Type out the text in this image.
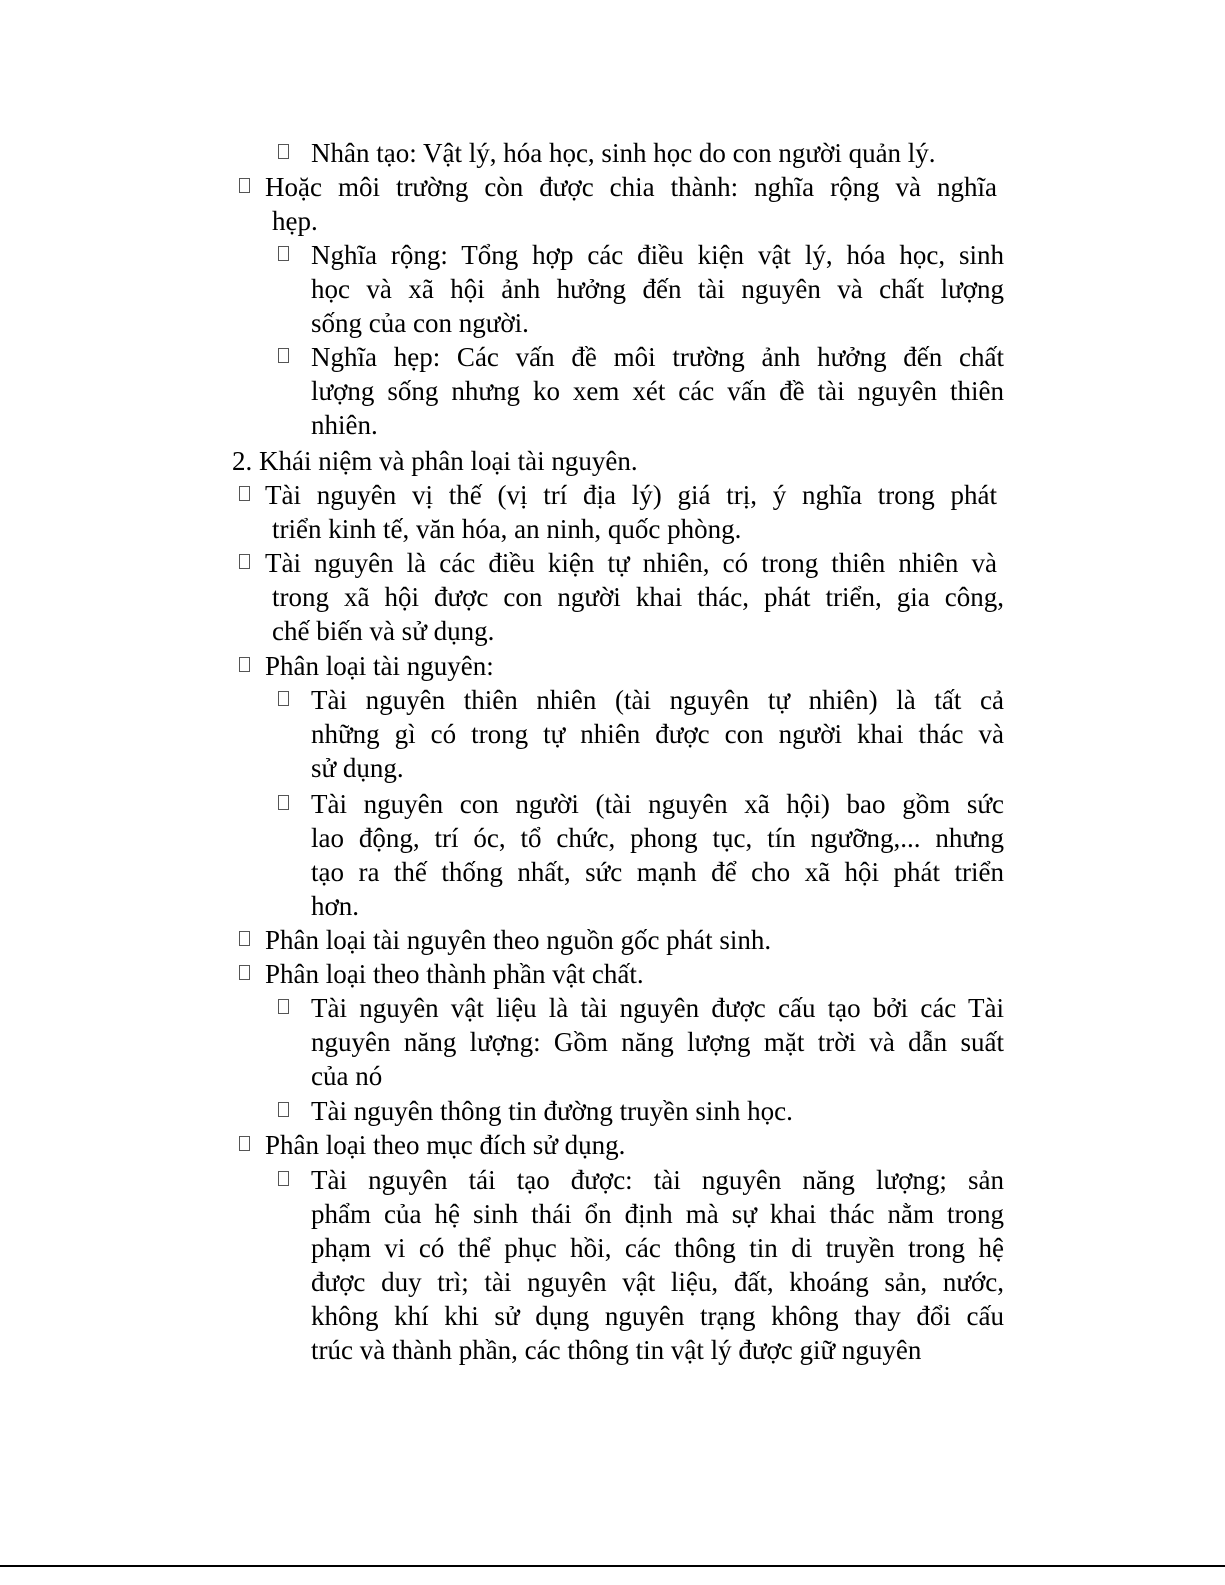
Nhân tạo: Vật lý, hóa học, sinh học do con người quản lý.
Hoặc môi trường còn được chia thành: nghĩa rộng và nghĩa
hẹp.
Nghĩa rộng: Tổng hợp các điều kiện vật lý, hóa học, sinh
học và xã hội ảnh hưởng đến tài nguyên và chất lượng
sống của con người.
Nghĩa hẹp: Các vấn đề môi trường ảnh hưởng đến chất
lượng sống nhưng ko xem xét các vấn đề tài nguyên thiên
nhiên.
2. Khái niệm và phân loại tài nguyên.
Tài nguyên vị thế (vị trí địa lý) giá trị, ý nghĩa trong phát
triển kinh tế, văn hóa, an ninh, quốc phòng.
Tài nguyên là các điều kiện tự nhiên, có trong thiên nhiên và
trong xã hội được con người khai thác, phát triển, gia công,
chế biến và sử dụng.
Phân loại tài nguyên:
Tài nguyên thiên nhiên (tài nguyên tự nhiên) là tất cả
những gì có trong tự nhiên được con người khai thác và
sử dụng.
Tài nguyên con người (tài nguyên xã hội) bao gồm sức
lao động, trí óc, tổ chức, phong tục, tín ngưỡng,... nhưng
tạo ra thế thống nhất, sức mạnh để cho xã hội phát triển
hơn.
Phân loại tài nguyên theo nguồn gốc phát sinh.
Phân loại theo thành phần vật chất.
Tài nguyên vật liệu là tài nguyên được cấu tạo bởi các Tài
nguyên năng lượng: Gồm năng lượng mặt trời và dẫn suất
của nó
Tài nguyên thông tin đường truyền sinh học.
Phân loại theo mục đích sử dụng.
Tài nguyên tái tạo được: tài nguyên năng lượng; sản
phẩm của hệ sinh thái ổn định mà sự khai thác nằm trong
phạm vi có thể phục hồi, các thông tin di truyền trong hệ
được duy trì; tài nguyên vật liệu, đất, khoáng sản, nước,
không khí khi sử dụng nguyên trạng không thay đổi cấu
trúc và thành phần, các thông tin vật lý được giữ nguyên
